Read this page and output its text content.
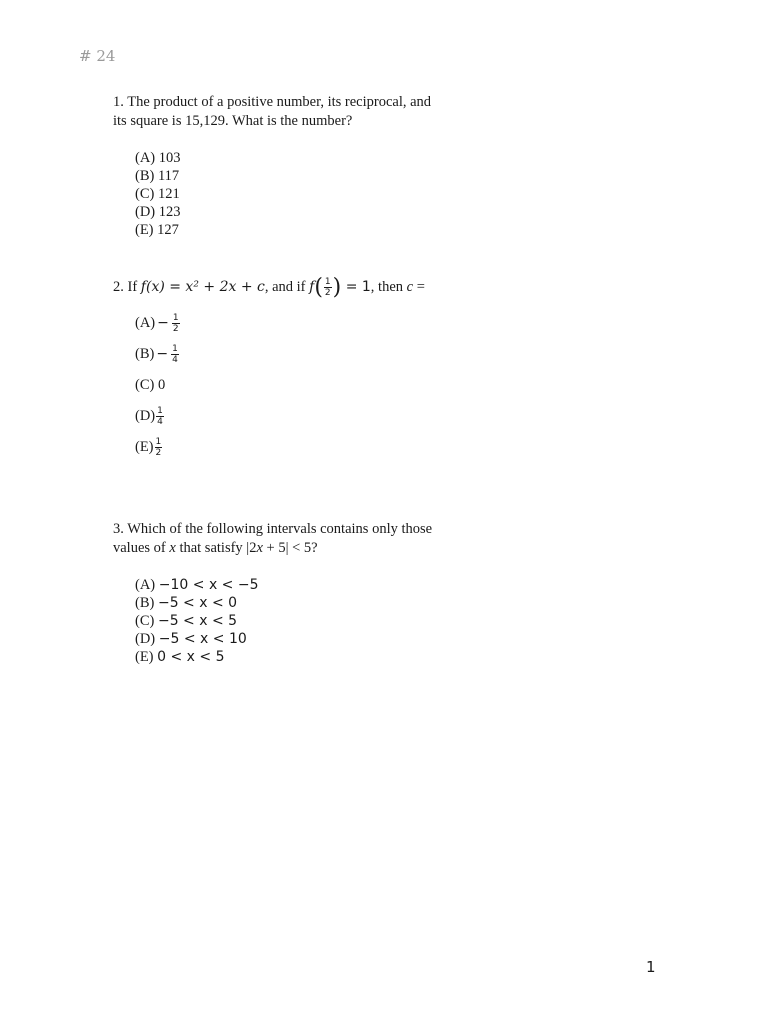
# 24

1. The product of a positive number, its reciprocal, and
its square is 15,129. What is the number?

(A) 103
(B) 117
(C) 121
(D) 123
(E) 127

2. If f(x) = x² + 2x + c , and if f ( $\frac{1}{2}$ ) = 1 , then c =

$(A) - \frac{1}{2}$
$(B) - \frac{1}{4}$
(C)
0
$(D) \frac{1}{4}$
$(E) \frac{1}{2}$

3. Which of the following intervals contains only those
values of x that satisfy |2x + 5| < 5?

(A) −10 < x < −5
(B) −5 < x < 0
(C) −5 < x < 5
(D) −5 < x < 10
(E) 0 < x < 5
1
